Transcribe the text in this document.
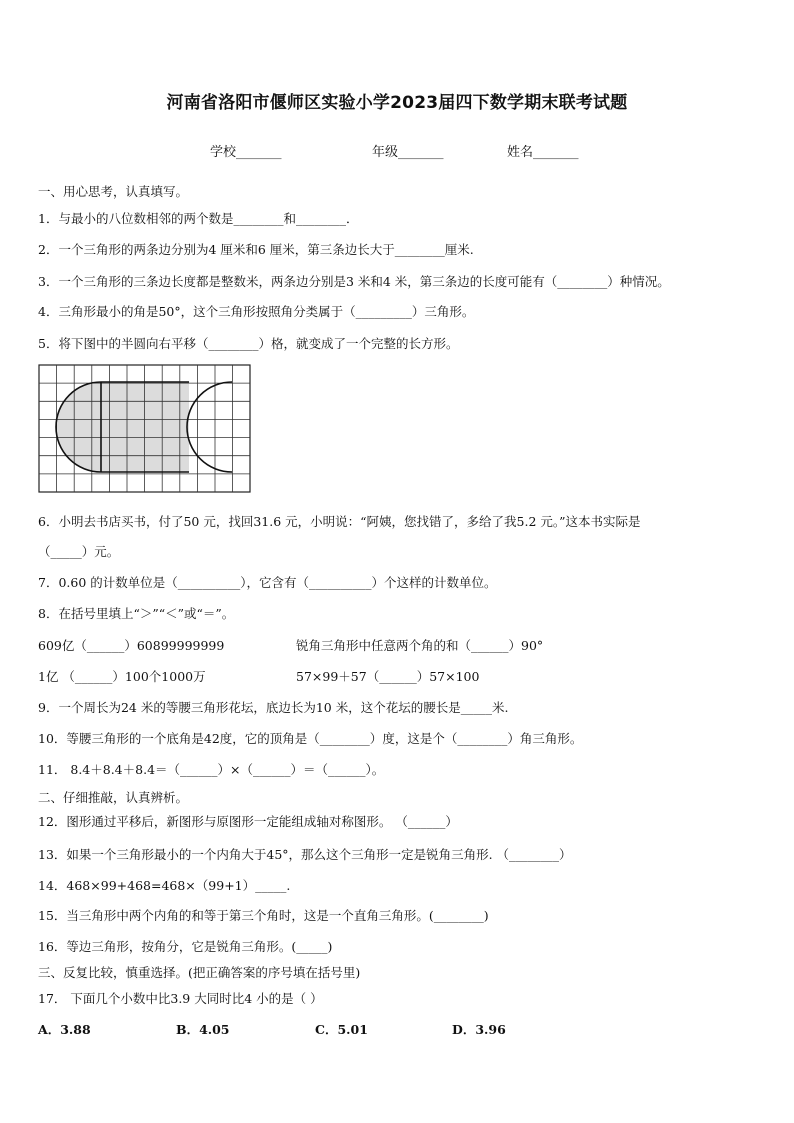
河南省洛阳市偃师区实验小学2023届四下数学期末联考试题
学校_______	年级_______	姓名_______
一、用心思考，认真填写。
1．与最小的八位数相邻的两个数是________和________．
2．一个三角形的两条边分别为4 厘米和6 厘米，第三条边长大于________厘米.
3．一个三角形的三条边长度都是整数米，两条边分别是3 米和4 米，第三条边的长度可能有（________）种情况。
4．三角形最小的角是50°，这个三角形按照角分类属于（_________）三角形。
5．将下图中的半圆向右平移（________）格，就变成了一个完整的长方形。
6．小明去书店买书，付了50 元，找回31.6 元，小明说：“阿姨，您找错了，多给了我5.2 元。”这本书实际是
（_____）元。
7．0.60 的计数单位是（__________），它含有（__________）个这样的计数单位。
8．在括号里填上“＞”“＜”或“＝”。
609亿（______）60899999999	锐角三角形中任意两个角的和（______）90°
1亿 （______）100个1000万	57×99＋57（______）57×100
9．一个周长为24 米的等腰三角形花坛，底边长为10 米，这个花坛的腰长是_____米.
10．等腰三角形的一个底角是42度，它的顶角是（________）度，这是个（________）角三角形。
11． 8.4＋8.4＋8.4＝（______）×（______）＝（______）。
二、仔细推敲，认真辨析。
12．图形通过平移后，新图形与原图形一定能组成轴对称图形。 （______）
13．如果一个三角形最小的一个内角大于45°，那么这个三角形一定是锐角三角形. （________）
14．468×99+468=468×（99+1）_____.
15．当三角形中两个内角的和等于第三个角时，这是一个直角三角形。(________)
16．等边三角形，按角分，它是锐角三角形。(_____)
三、反复比较，慎重选择。(把正确答案的序号填在括号里)
17． 下面几个小数中比3.9 大同时比4 小的是（ ）
A．3.88	B．4.05	C．5.01	D．3.96
